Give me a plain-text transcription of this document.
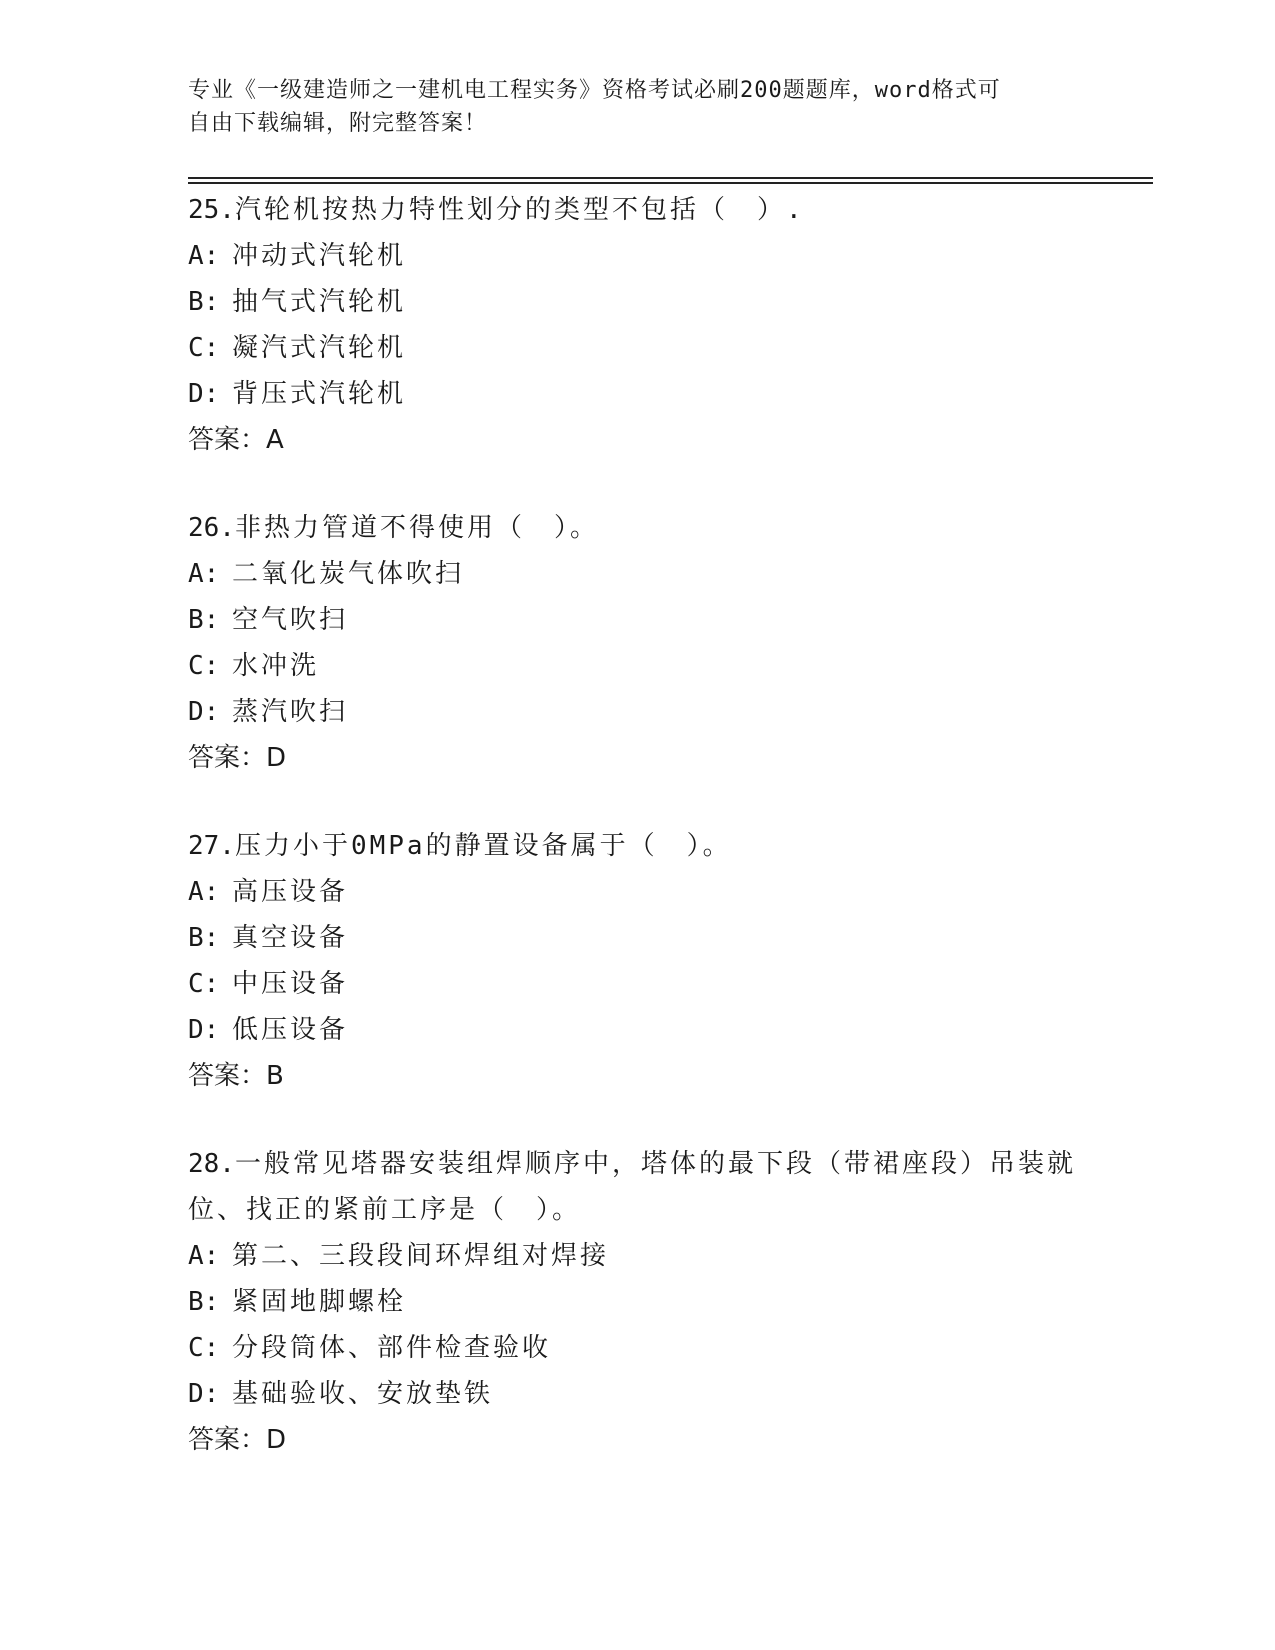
专业《一级建造师之一建机电工程实务》资格考试必刷200题题库，word格式可
自由下载编辑，附完整答案！
25.汽轮机按热力特性划分的类型不包括（　）.
A: 冲动式汽轮机
B: 抽气式汽轮机
C: 凝汽式汽轮机
D: 背压式汽轮机
答案：A
26.非热力管道不得使用（　）。
A: 二氧化炭气体吹扫
B: 空气吹扫
C: 水冲洗
D: 蒸汽吹扫
答案：D
27.压力小于0MPa的静置设备属于（　）。
A: 高压设备
B: 真空设备
C: 中压设备
D: 低压设备
答案：B
28.一般常见塔器安装组焊顺序中，塔体的最下段（带裙座段）吊装就位、找正的紧前工序是（　）。
A: 第二、三段段间环焊组对焊接
B: 紧固地脚螺栓
C: 分段筒体、部件检查验收
D: 基础验收、安放垫铁
答案：D
